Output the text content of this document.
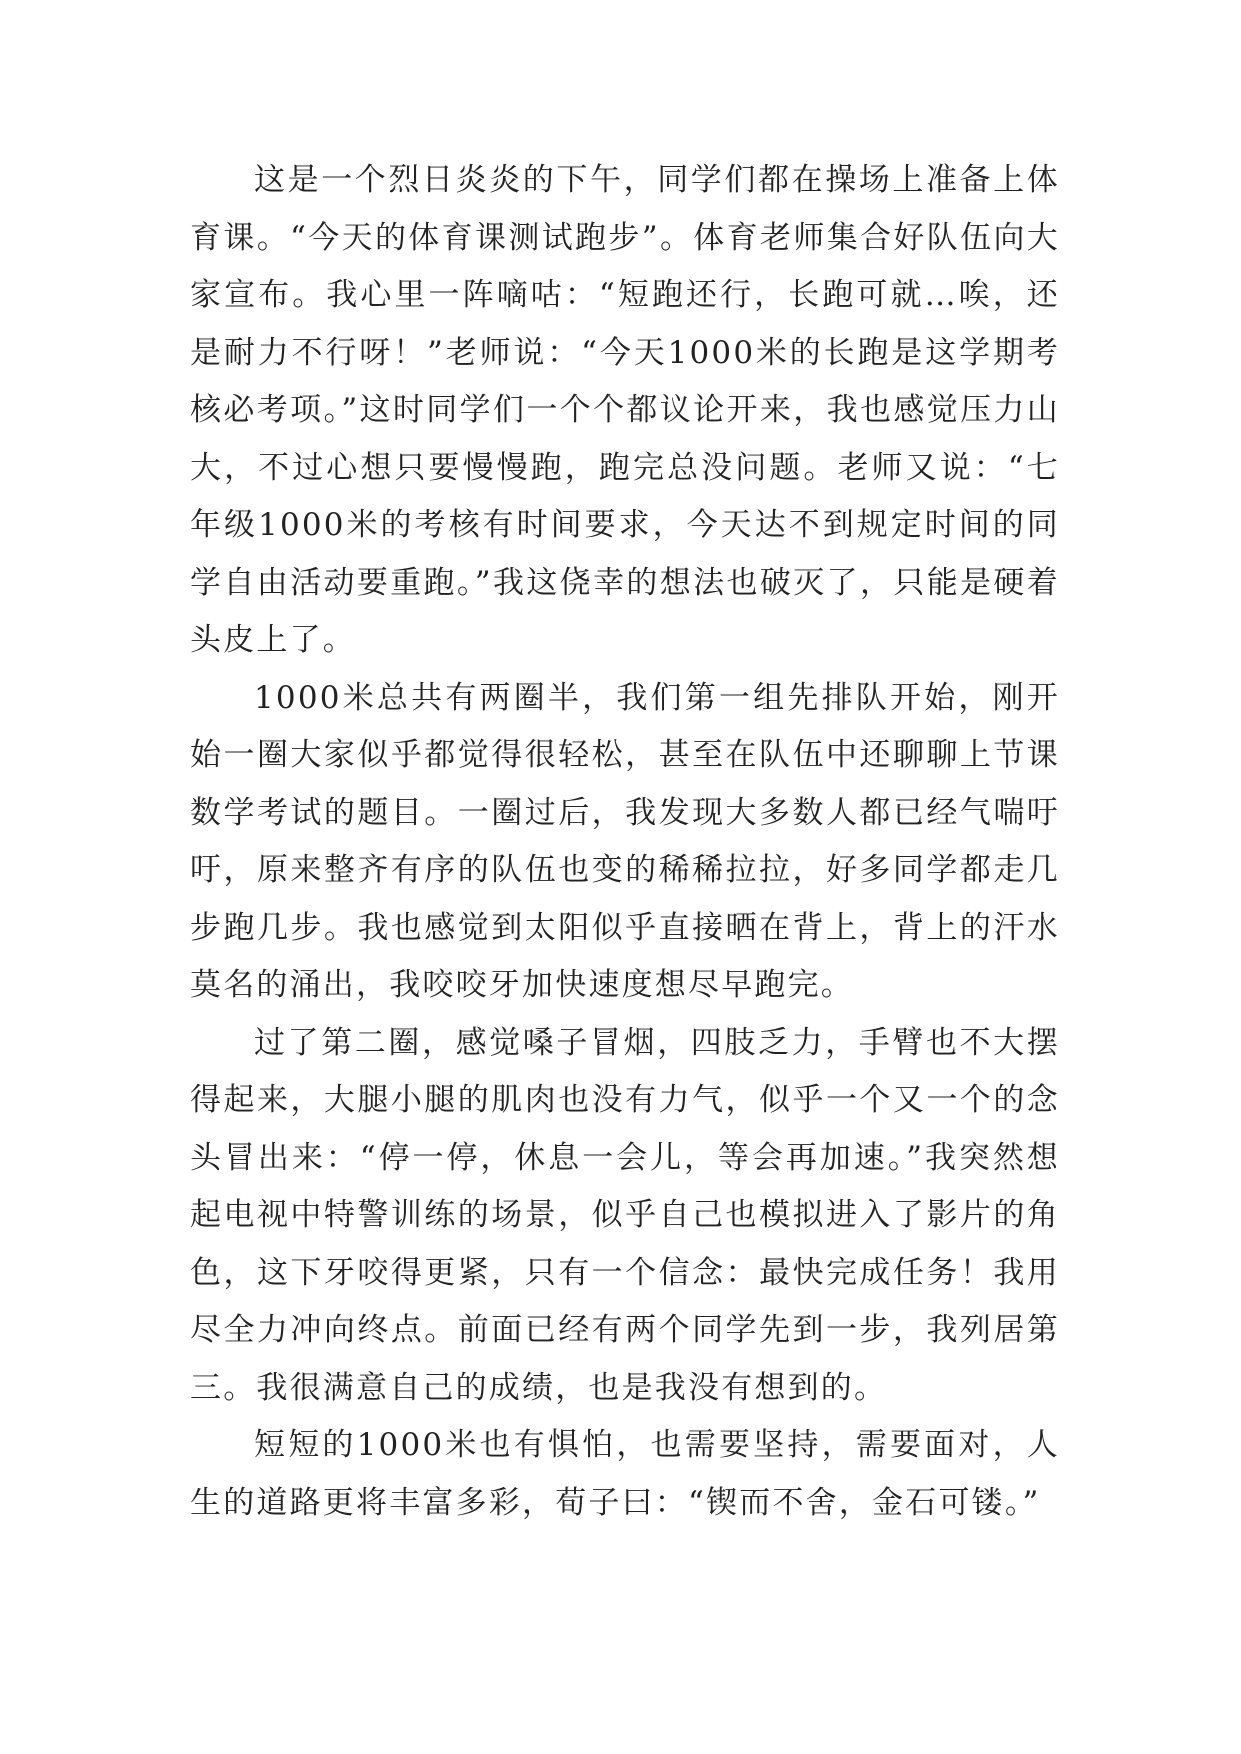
这是一个烈日炎炎的下午，同学们都在操场上准备上体育课。“今天的体育课测试跑步”。体育老师集合好队伍向大家宣布。我心里一阵嘀咕：“短跑还行，长跑可就…唉，还是耐力不行呀！”老师说：“今天1000米的长跑是这学期考核必考项。”这时同学们一个个都议论开来，我也感觉压力山大，不过心想只要慢慢跑，跑完总没问题。老师又说：“七年级1000米的考核有时间要求，今天达不到规定时间的同学自由活动要重跑。”我这侥幸的想法也破灭了，只能是硬着头皮上了。

1000米总共有两圈半，我们第一组先排队开始，刚开始一圈大家似乎都觉得很轻松，甚至在队伍中还聊聊上节课数学考试的题目。一圈过后，我发现大多数人都已经气喘吁吁，原来整齐有序的队伍也变的稀稀拉拉，好多同学都走几步跑几步。我也感觉到太阳似乎直接晒在背上，背上的汗水莫名的涌出，我咬咬牙加快速度想尽早跑完。

过了第二圈，感觉嗓子冒烟，四肢乏力，手臂也不大摆得起来，大腿小腿的肌肉也没有力气，似乎一个又一个的念头冒出来：“停一停，休息一会儿，等会再加速。”我突然想起电视中特警训练的场景，似乎自己也模拟进入了影片的角色，这下牙咬得更紧，只有一个信念：最快完成任务！我用尽全力冲向终点。前面已经有两个同学先到一步，我列居第三。我很满意自己的成绩，也是我没有想到的。

短短的1000米也有惧怕，也需要坚持，需要面对，人生的道路更将丰富多彩，荀子曰：“锲而不舍，金石可镂。”
